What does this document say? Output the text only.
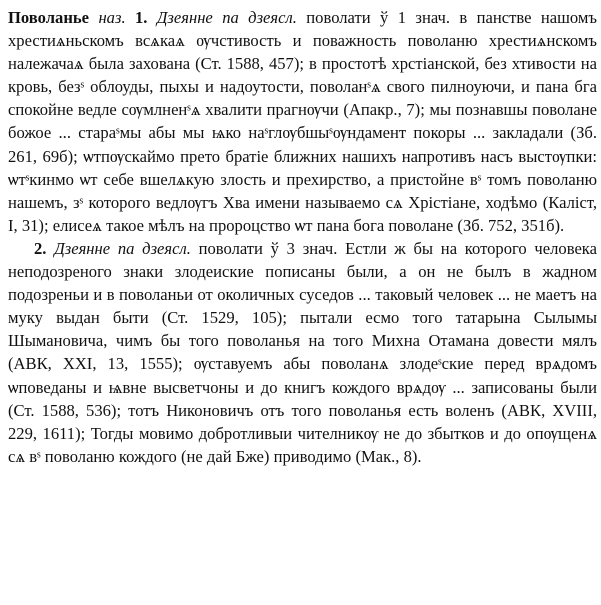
Поволанье наз. 1. Дзеянне па дзеясл. поволати ў 1 знач. в панстве нашомъ хрестиѧньскомъ всѧкаѧ ѹчстивость и поважность поволаню хрестиѧнскомъ належачаѧ была захована (Ст. 1588, 457); в простотѣ хрстіанской, без хтивости на кровь, безˢ облоуды, пыхы и надоутости, поволанˢѧ свого пилноуючи, и пана бга спокойне ведле сѹмлненˢѧ хвалити прагнѹчи (Апакр., 7); мы познавшы поволане божое ... стараˢмы абы мы ѩко наˢглѹбшыˢѹндамент покоры ... закладали (Зб. 261, 69б); ѡтпѹскаймо прето братіе ближних нашихъ напротивъ насъ выстѹпки: ѡтˢкинмо ѡт себе вшелѧкую злость и прехирство, а пристойне вˢ томъ поволаню нашемъ, зˢ которого ведлѹгъ Хва имени называемо сѧ Хрістіане, ходѣмо (Каліст, I, 31); елисеѧ такое мѣлъ на пророцство ѡт пана бога поволане (Зб. 752, 351б).

2. Дзеянне па дзеясл. поволати ў 3 знач. Естли ж бы на которого человека неподозреного знаки злодеиские пописаны были, а он не былъ в жадном подозреньи и в поволаньи от околичных суседов ... таковый человек ... не маетъ на муку выдан быти (Ст. 1529, 105); пытали есмо того татарына Сылымы Шымановича, чимъ бы того поволанья на того Михна Отамана довести мялъ (АВК, XXI, 13, 1555); ѹставуемъ абы поволанѧ злодеˢские перед врѧдомъ ѡповеданы и ѩвне высветчоны и до книгъ кождого врѧдѹ ... записованы были (Ст. 1588, 536); тотъ Никоновичъ отъ того поволанья есть воленъ (АВК, XVIII, 229, 1611); Тогды мовимо добротливыи чителникѹ не до збытков и до опѹщенѧ сѧ вˢ поволаню кождого (не дай Бже) приводимо (Мак., 8).
